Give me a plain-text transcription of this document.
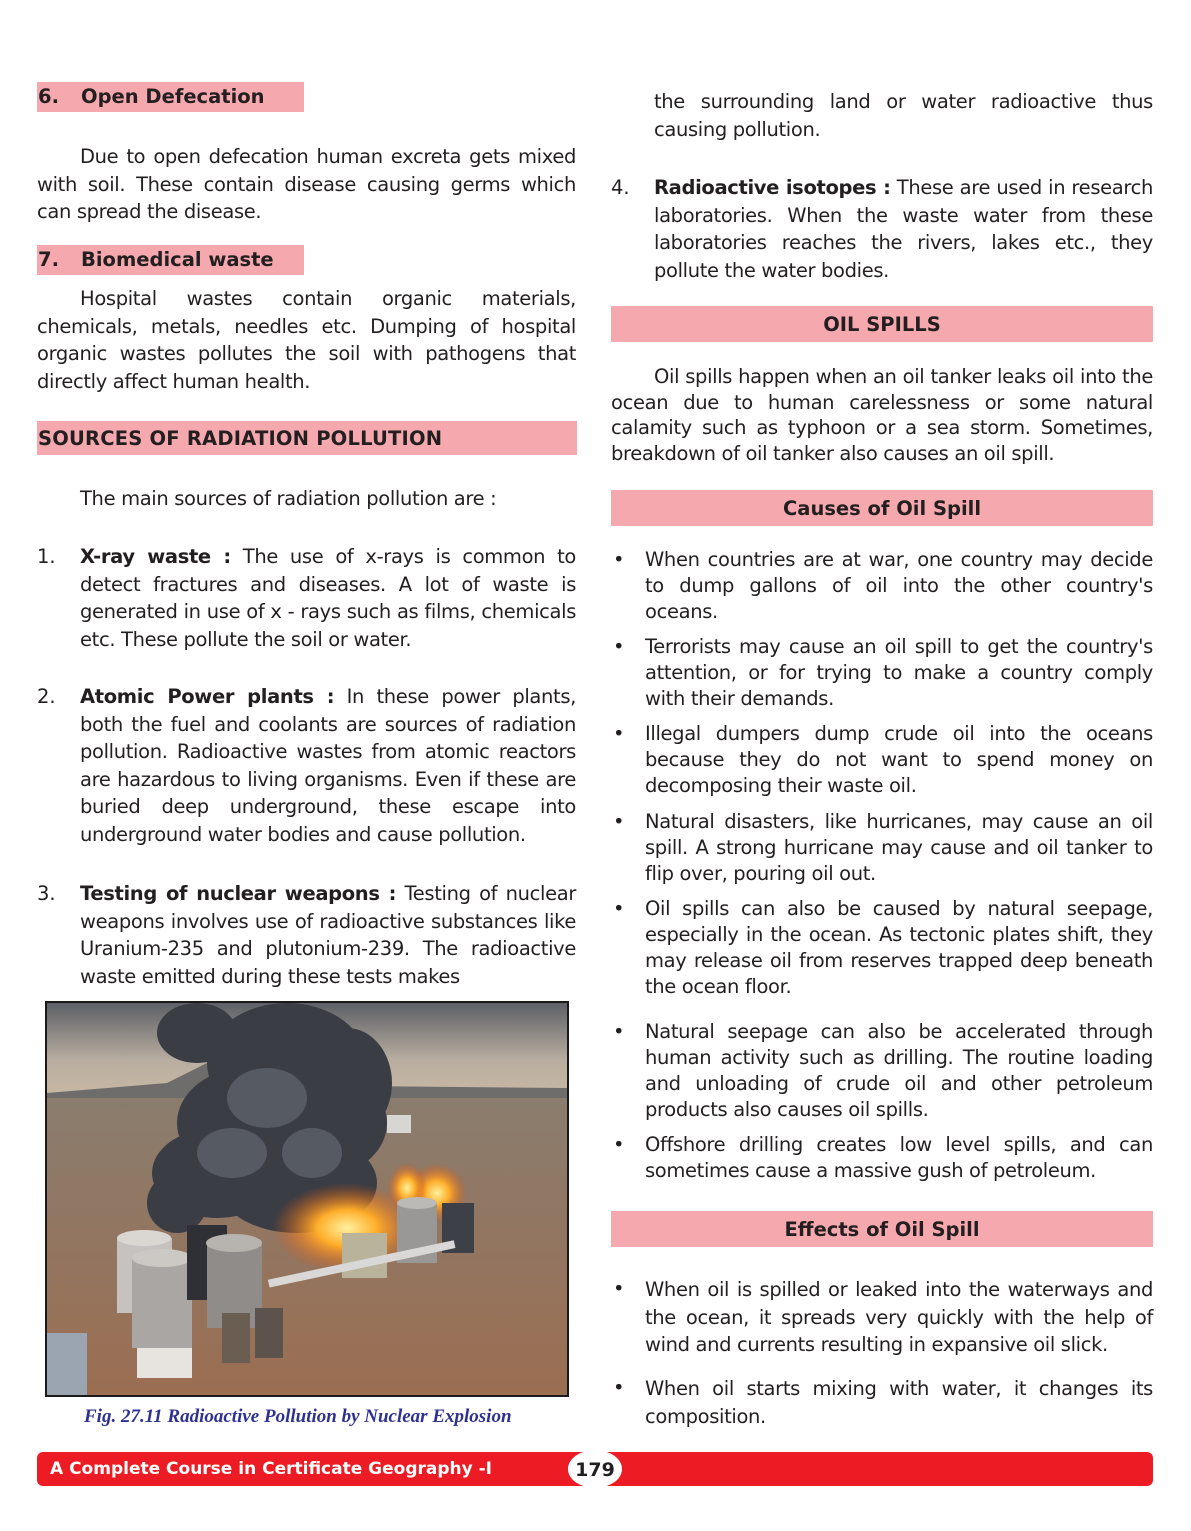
6. Open Defecation

Due to open defecation human excreta gets mixed with soil. These contain disease causing germs which can spread the disease.

7. Biomedical waste

Hospital wastes contain organic materials, chemicals, metals, needles etc. Dumping of hospital organic wastes pollutes the soil with pathogens that directly affect human health.

SOURCES OF RADIATION POLLUTION

The main sources of radiation pollution are :

1.	X-ray waste : The use of x-rays is common to detect fractures and diseases. A lot of waste is generated in use of x - rays such as films, chemicals etc. These pollute the soil or water.

2.	Atomic Power plants : In these power plants, both the fuel and coolants are sources of radiation pollution. Radioactive wastes from atomic reactors are hazardous to living organisms. Even if these are buried deep underground, these escape into underground water bodies and cause pollution.

3.	Testing of nuclear weapons : Testing of nuclear weapons involves use of radioactive substances like Uranium-235 and plutonium-239. The radioactive waste emitted during these tests makes

Fig. 27.11 Radioactive Pollution by Nuclear Explosion

the surrounding land or water radioactive thus causing pollution.

4.	Radioactive isotopes : These are used in research laboratories. When the waste water from these laboratories reaches the rivers, lakes etc., they pollute the water bodies.

OIL SPILLS

Oil spills happen when an oil tanker leaks oil into the ocean due to human carelessness or some natural calamity such as typhoon or a sea storm. Sometimes, breakdown of oil tanker also causes an oil spill.

Causes of Oil Spill
•	When countries are at war, one country may decide to dump gallons of oil into the other country's oceans.
•	Terrorists may cause an oil spill to get the country's attention, or for trying to make a country comply with their demands.
•	Illegal dumpers dump crude oil into the oceans because they do not want to spend money on decomposing their waste oil.
•	Natural disasters, like hurricanes, may cause an oil spill. A strong hurricane may cause and oil tanker to flip over, pouring oil out.
•	Oil spills can also be caused by natural seepage, especially in the ocean. As tectonic plates shift, they may release oil from reserves trapped deep beneath the ocean floor.
•	Natural seepage can also be accelerated through human activity such as drilling. The routine loading and unloading of crude oil and other petroleum products also causes oil spills.
•	Offshore drilling creates low level spills, and can sometimes cause a massive gush of petroleum.
Effects of Oil Spill
•	When oil is spilled or leaked into the waterways and the ocean, it spreads very quickly with the help of wind and currents resulting in expansive oil slick.
•	When oil starts mixing with water, it changes its composition.
A Complete Course in Certificate Geography -I	179
